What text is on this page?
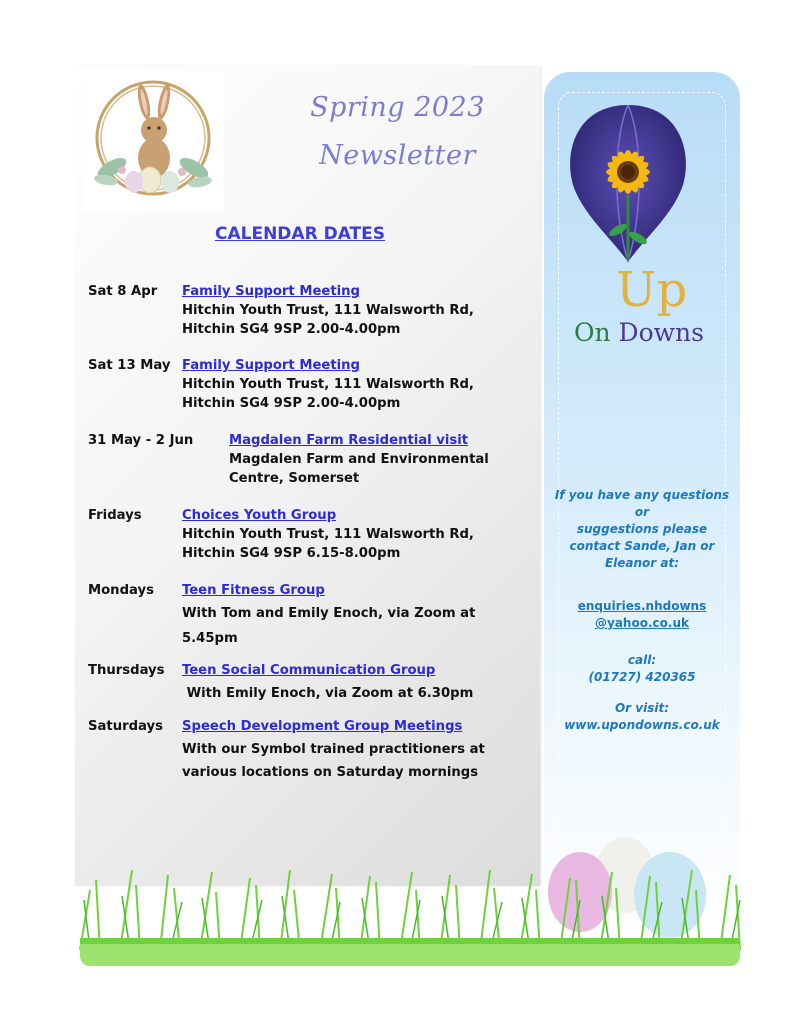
Spring 2023
Newsletter
CALENDAR DATES
Sat 8 Apr Family Support Meeting
Hitchin Youth Trust, 111 Walsworth Rd,
Hitchin SG4 9SP 2.00-4.00pm
Sat 13 May Family Support Meeting
Hitchin Youth Trust, 111 Walsworth Rd,
Hitchin SG4 9SP 2.00-4.00pm
31 May - 2 Jun	Magdalen Farm Residential visit
Magdalen Farm and Environmental
Centre, Somerset
Fridays	Choices Youth Group
Hitchin Youth Trust, 111 Walsworth Rd,
Hitchin SG4 9SP 6.15-8.00pm
Mondays Teen Fitness Group
With Tom and Emily Enoch, via Zoom at
5.45pm
Thursdays Teen Social Communication Group
With Emily Enoch, via Zoom at 6.30pm
Saturdays Speech Development Group Meetings
With our Symbol trained practitioners at
various locations on Saturday mornings
Up
On Downs
If you have any questions
or
suggestions please
contact Sande, Jan or
Eleanor at:
enquiries.nhdowns
@yahoo.co.uk
call:
(01727) 420365
Or visit:
www.upondowns.co.uk
